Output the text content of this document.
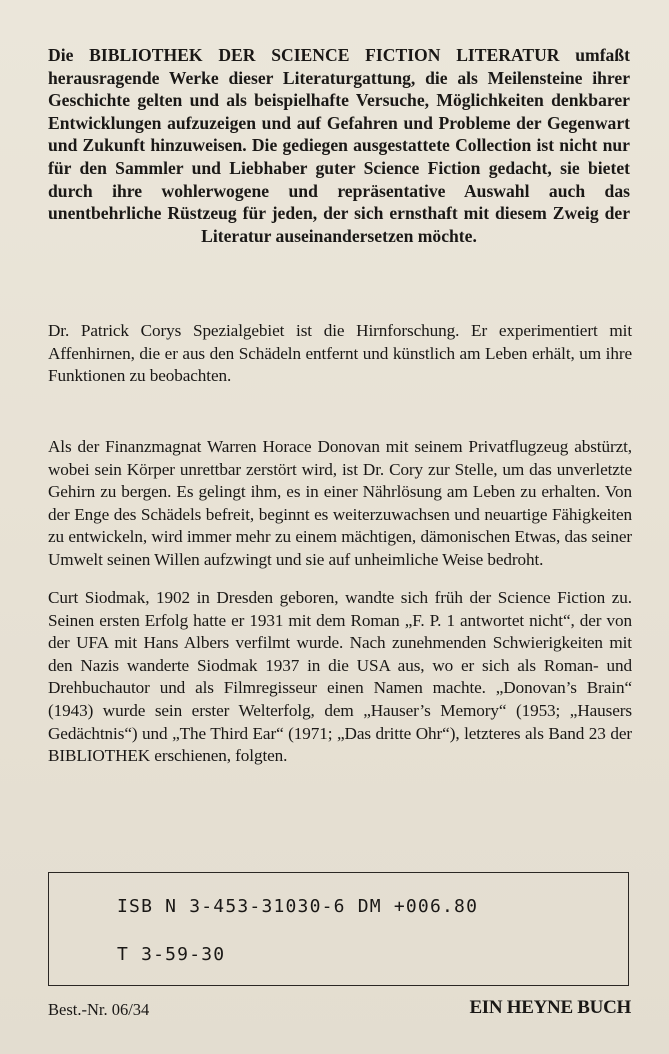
Die BIBLIOTHEK DER SCIENCE FICTION LITERATUR umfaßt herausragende Werke dieser Literaturgattung, die als Meilensteine ihrer Geschichte gelten und als beispielhafte Versuche, Möglichkeiten denkbarer Entwicklungen aufzuzeigen und auf Gefahren und Probleme der Gegenwart und Zukunft hinzuweisen. Die gediegen ausgestattete Collection ist nicht nur für den Sammler und Liebhaber guter Science Fiction gedacht, sie bietet durch ihre wohlerwogene und repräsentative Auswahl auch das unentbehrliche Rüstzeug für jeden, der sich ernsthaft mit diesem Zweig der Literatur auseinandersetzen möchte.

Dr. Patrick Corys Spezialgebiet ist die Hirnforschung. Er experimentiert mit Affenhirnen, die er aus den Schädeln entfernt und künstlich am Leben erhält, um ihre Funktionen zu beobachten.

Als der Finanzmagnat Warren Horace Donovan mit seinem Privatflugzeug abstürzt, wobei sein Körper unrettbar zerstört wird, ist Dr. Cory zur Stelle, um das unverletzte Gehirn zu bergen. Es gelingt ihm, es in einer Nährlösung am Leben zu erhalten. Von der Enge des Schädels befreit, beginnt es weiterzuwachsen und neuartige Fähigkeiten zu entwickeln, wird immer mehr zu einem mächtigen, dämonischen Etwas, das seiner Umwelt seinen Willen aufzwingt und sie auf unheimliche Weise bedroht.

Curt Siodmak, 1902 in Dresden geboren, wandte sich früh der Science Fiction zu. Seinen ersten Erfolg hatte er 1931 mit dem Roman „F. P. 1 antwortet nicht“, der von der UFA mit Hans Albers verfilmt wurde. Nach zunehmenden Schwierigkeiten mit den Nazis wanderte Siodmak 1937 in die USA aus, wo er sich als Roman- und Drehbuchautor und als Filmregisseur einen Namen machte. „Donovan’s Brain“ (1943) wurde sein erster Welterfolg, dem „Hauser’s Memory“ (1953; „Hausers Gedächtnis“) und „The Third Ear“ (1971; „Das dritte Ohr“), letzteres als Band 23 der BIBLIOTHEK erschienen, folgten.

ISB N 3-453-31030-6 DM +006.80
T 3-59-30
Best.-Nr. 06/34	EIN HEYNE BUCH
